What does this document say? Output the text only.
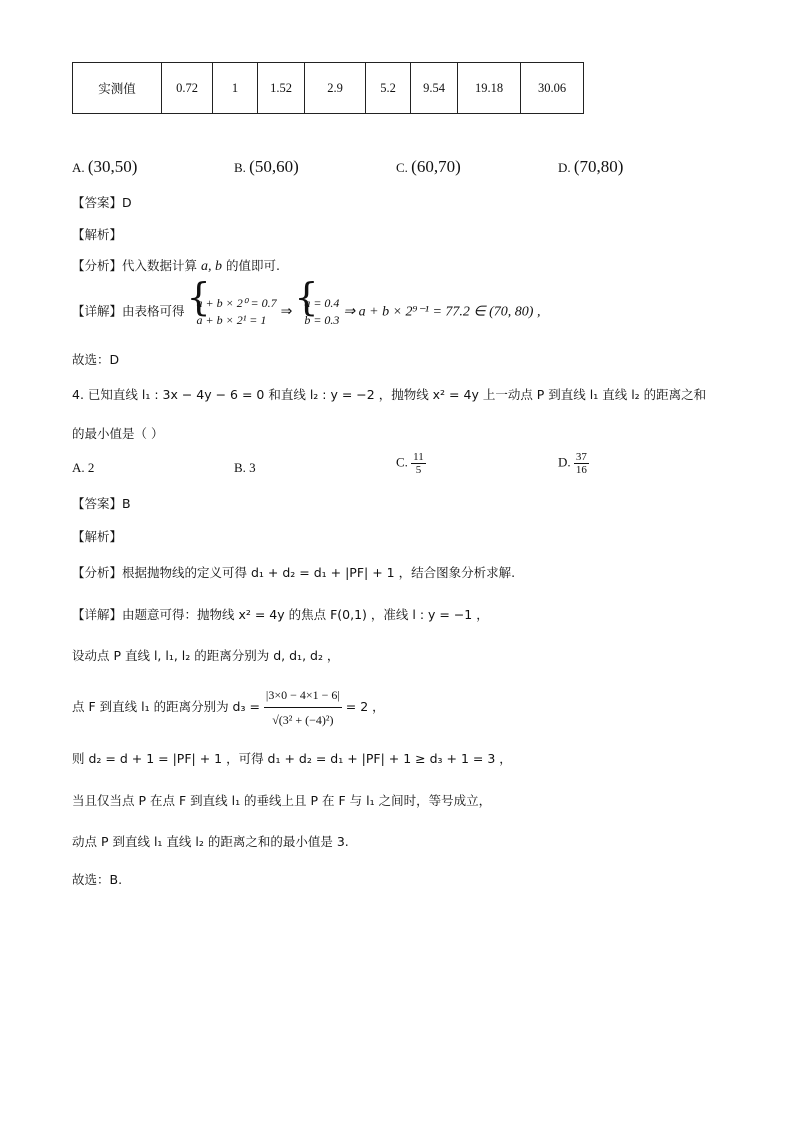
实测值	0.72	1	1.52	2.9	5.2	9.54	19.18	30.06
A. (30,50)	B. (50,60)	C. (60,70)	D. (70,80)
【答案】D
【解析】
【分析】代入数据计算 a, b 的值即可.
【详解】由表格可得
{ a + b × 2⁰ = 0.7
a + b × 2¹ = 1
⇒
{ a = 0.4
b = 0.3
⇒ a + b × 2⁹⁻¹ = 77.2 ∈ (70, 80) ,
故选：D
4. 已知直线 l₁ : 3x − 4y − 6 = 0 和直线 l₂ : y = −2 ，抛物线 x² = 4y 上一动点 P 到直线 l₁ 直线 l₂ 的距离之和
的最小值是（ ）
A. 2	B. 3	C. $\frac{11}{5}$	D. $\frac{37}{16}$
【答案】B
【解析】
【分析】根据抛物线的定义可得 d₁ + d₂ = d₁ + |PF| + 1 ，结合图象分析求解.
【详解】由题意可得：抛物线 x² = 4y 的焦点 F(0,1) ，准线 l : y = −1 ，
设动点 P 直线 l, l₁, l₂ 的距离分别为 d, d₁, d₂ ，
点 F 到直线 l₁ 的距离分别为 $d_3 = \frac{|3\times 0 - 4\times 1 - 6|}{\text{√(3² + (−4)²)}} = 2$ ，
则 d₂ = d + 1 = |PF| + 1 ，可得 d₁ + d₂ = d₁ + |PF| + 1 ≥ d₃ + 1 = 3 ，
当且仅当点 P 在点 F 到直线 l₁ 的垂线上且 P 在 F 与 l₁ 之间时，等号成立，
动点 P 到直线 l₁ 直线 l₂ 的距离之和的最小值是 3.
故选：B.
